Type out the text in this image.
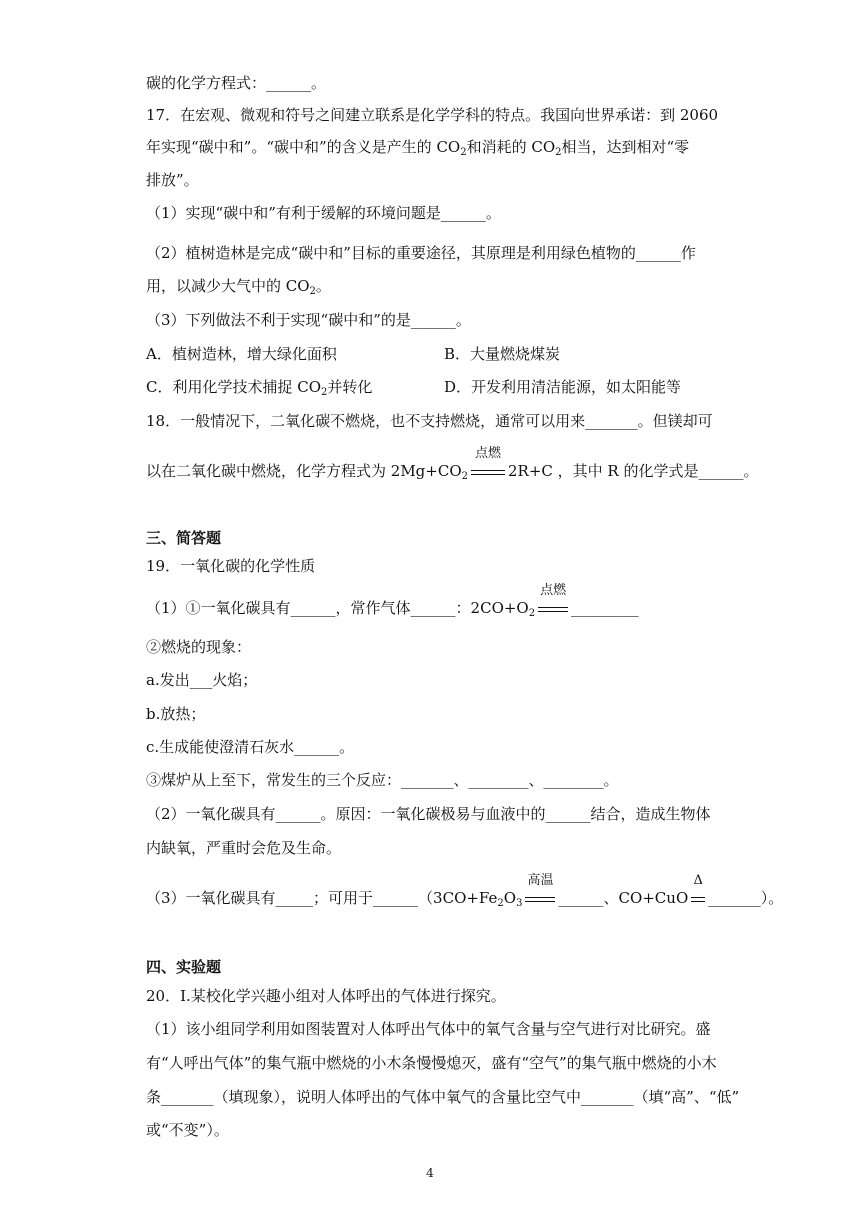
碳的化学方程式：______。
17．在宏观、微观和符号之间建立联系是化学学科的特点。我国向世界承诺：到 2060
年实现“碳中和”。“碳中和”的含义是产生的 $CO_2$和消耗的 $CO_2$相当，达到相对“零
排放”。
（1）实现“碳中和”有利于缓解的环境问题是______。
（2）植树造林是完成“碳中和”目标的重要途径，其原理是利用绿色植物的______作
用，以减少大气中的 $CO_2$。
（3）下列做法不利于实现“碳中和”的是______。
A．植树造林，增大绿化面积	B．大量燃烧煤炭
C．利用化学技术捕捉 $CO_2$并转化	D．开发利用清洁能源，如太阳能等
18．一般情况下，二氧化碳不燃烧，也不支持燃烧，通常可以用来_______。但镁却可
以在二氧化碳中燃烧，化学方程式为 $2Mg+CO_2$
点燃
2R+C ，其中 R 的化学式是______。
三、简答题
19．一氧化碳的化学性质
（1）①一氧化碳具有______，常作气体______：$2CO+O_2$
点燃
_________
②燃烧的现象：
a.发出___火焰；
b.放热；
c.生成能使澄清石灰水______。
③煤炉从上至下，常发生的三个反应：_______、________、________。
（2）一氧化碳具有______。原因：一氧化碳极易与血液中的______结合，造成生物体
内缺氧，严重时会危及生命。
（3）一氧化碳具有_____；可用于$\_\_\_\_\_\_(3CO+Fe_2O_3$
高温
______、CO+CuO
Δ
_______）。
四、实验题
20．Ⅰ.某校化学兴趣小组对人体呼出的气体进行探究。
（1）该小组同学利用如图装置对人体呼出气体中的氧气含量与空气进行对比研究。盛
有“人呼出气体”的集气瓶中燃烧的小木条慢慢熄灭，盛有“空气”的集气瓶中燃烧的小木
条_______（填现象），说明人体呼出的气体中氧气的含量比空气中_______（填“高”、“低”
或“不变”）。
4
